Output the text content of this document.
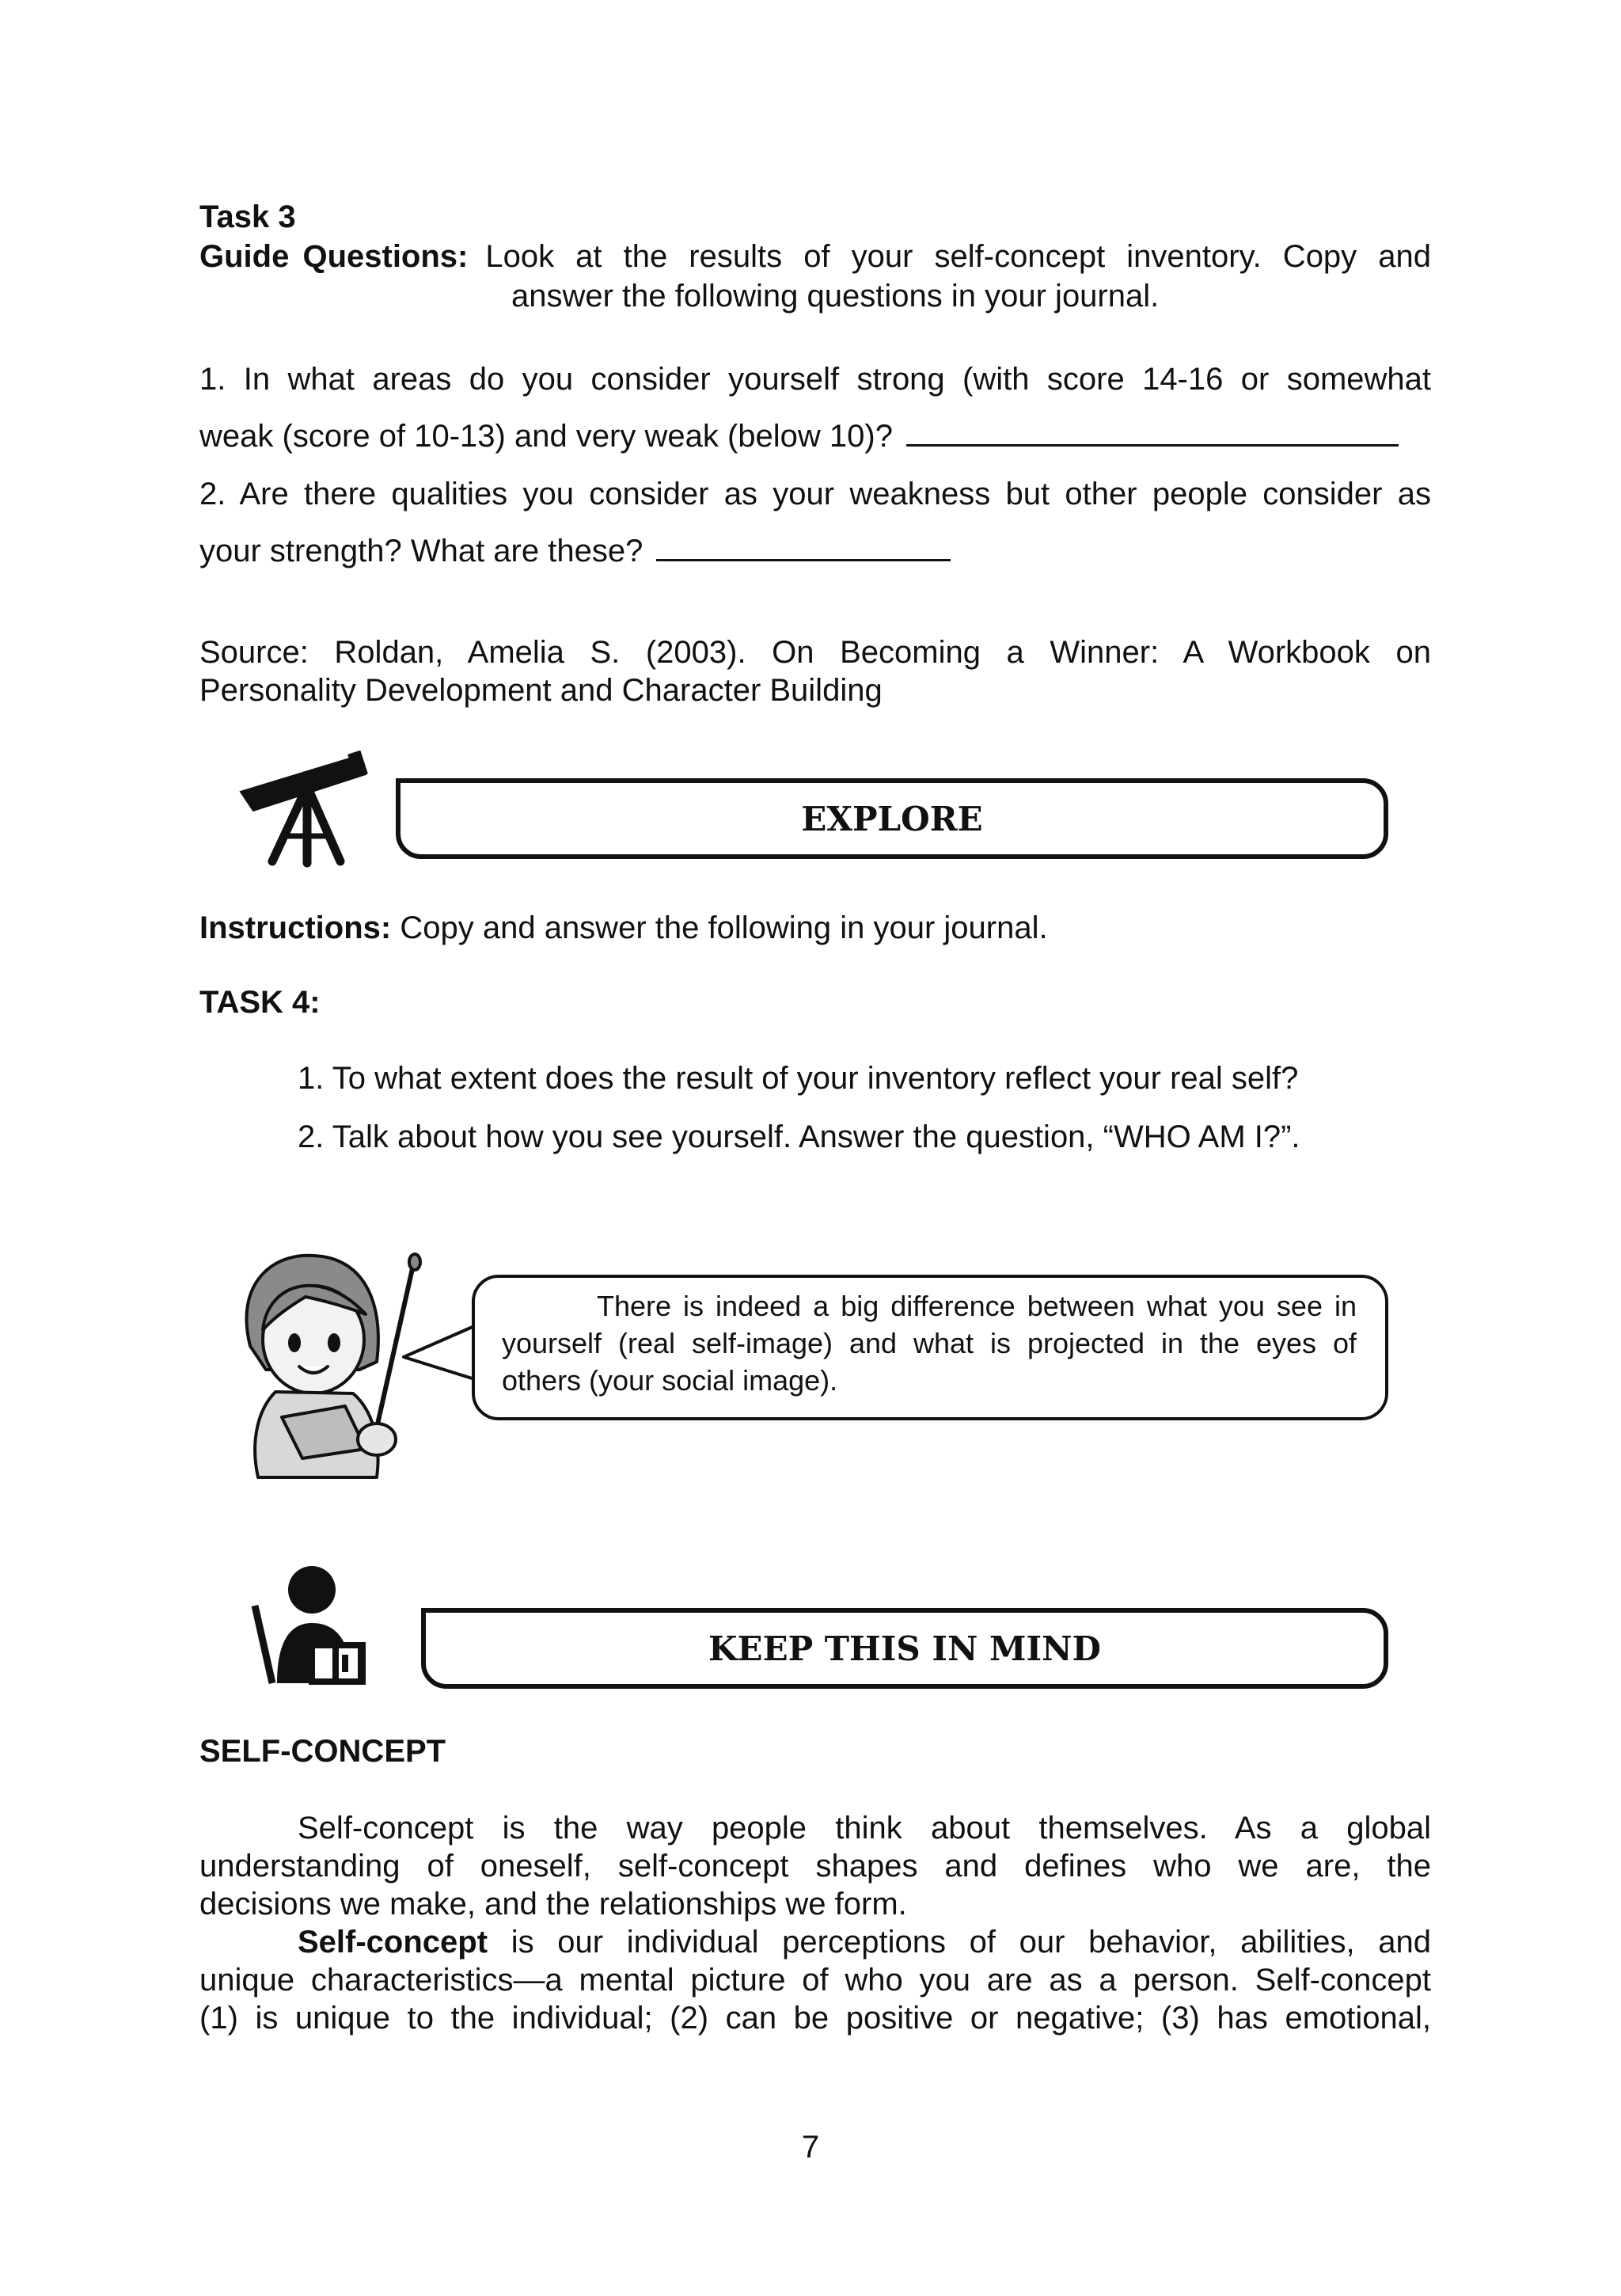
Task 3

Guide Questions: Look at the results of your self-concept inventory. Copy and

answer the following questions in your journal.

1. In what areas do you consider yourself strong (with score 14-16 or somewhat

weak (score of 10-13) and very weak (below 10)?

2. Are there qualities you consider as your weakness but other people consider as

your strength? What are these?

Source: Roldan, Amelia S. (2003). On Becoming a Winner: A Workbook on

Personality Development and Character Building

EXPLORE

Instructions: Copy and answer the following in your journal.

TASK 4:

1. To what extent does the result of your inventory reflect your real self?

2. Talk about how you see yourself. Answer the question, “WHO AM I?”.

There is indeed a big difference between what you see in yourself (real self-image) and what is projected in the eyes of others (your social image).
KEEP THIS IN MIND

SELF-CONCEPT

Self-concept is the way people think about themselves. As a global

understanding of oneself, self-concept shapes and defines who we are, the

decisions we make, and the relationships we form.

Self-concept is our individual perceptions of our behavior, abilities, and

unique characteristics—a mental picture of who you are as a person. Self-concept

(1) is unique to the individual; (2) can be positive or negative; (3) has emotional,

7
